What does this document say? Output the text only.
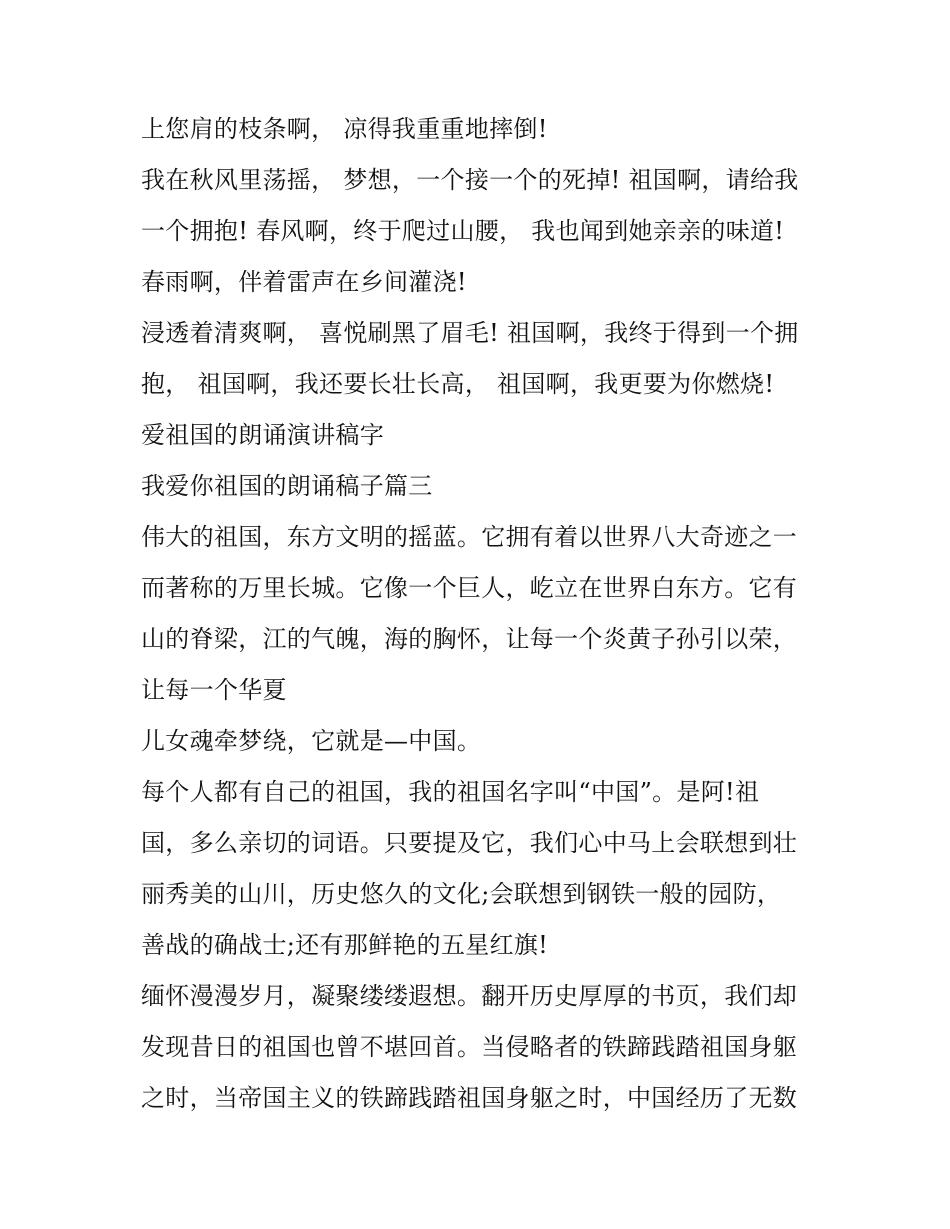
上您肩的枝条啊， 凉得我重重地摔倒!
我在秋风里荡摇， 梦想，一个接一个的死掉! 祖国啊，请给我
一个拥抱! 春风啊，终于爬过山腰， 我也闻到她亲亲的味道!
春雨啊，伴着雷声在乡间灌浇!
浸透着清爽啊， 喜悦刷黑了眉毛! 祖国啊，我终于得到一个拥
抱， 祖国啊，我还要长壮长高， 祖国啊，我更要为你燃烧!
爱祖国的朗诵演讲稿字
我爱你祖国的朗诵稿子篇三
伟大的祖国，东方文明的摇蓝。它拥有着以世界八大奇迹之一
而著称的万里长城。它像一个巨人，屹立在世界白东方。它有
山的脊梁，江的气魄，海的胸怀，让每一个炎黄子孙引以荣，
让每一个华夏
儿女魂牵梦绕，它就是—中国。
每个人都有自己的祖国，我的祖国名字叫“中国”。是阿!祖
国，多么亲切的词语。只要提及它，我们心中马上会联想到壮
丽秀美的山川，历史悠久的文化;会联想到钢铁一般的园防，
善战的确战士;还有那鲜艳的五星红旗!
缅怀漫漫岁月，凝聚缕缕遐想。翻开历史厚厚的书页，我们却
发现昔日的祖国也曾不堪回首。当侵略者的铁蹄践踏祖国身躯
之时，当帝国主义的铁蹄践踏祖国身躯之时，中国经历了无数
